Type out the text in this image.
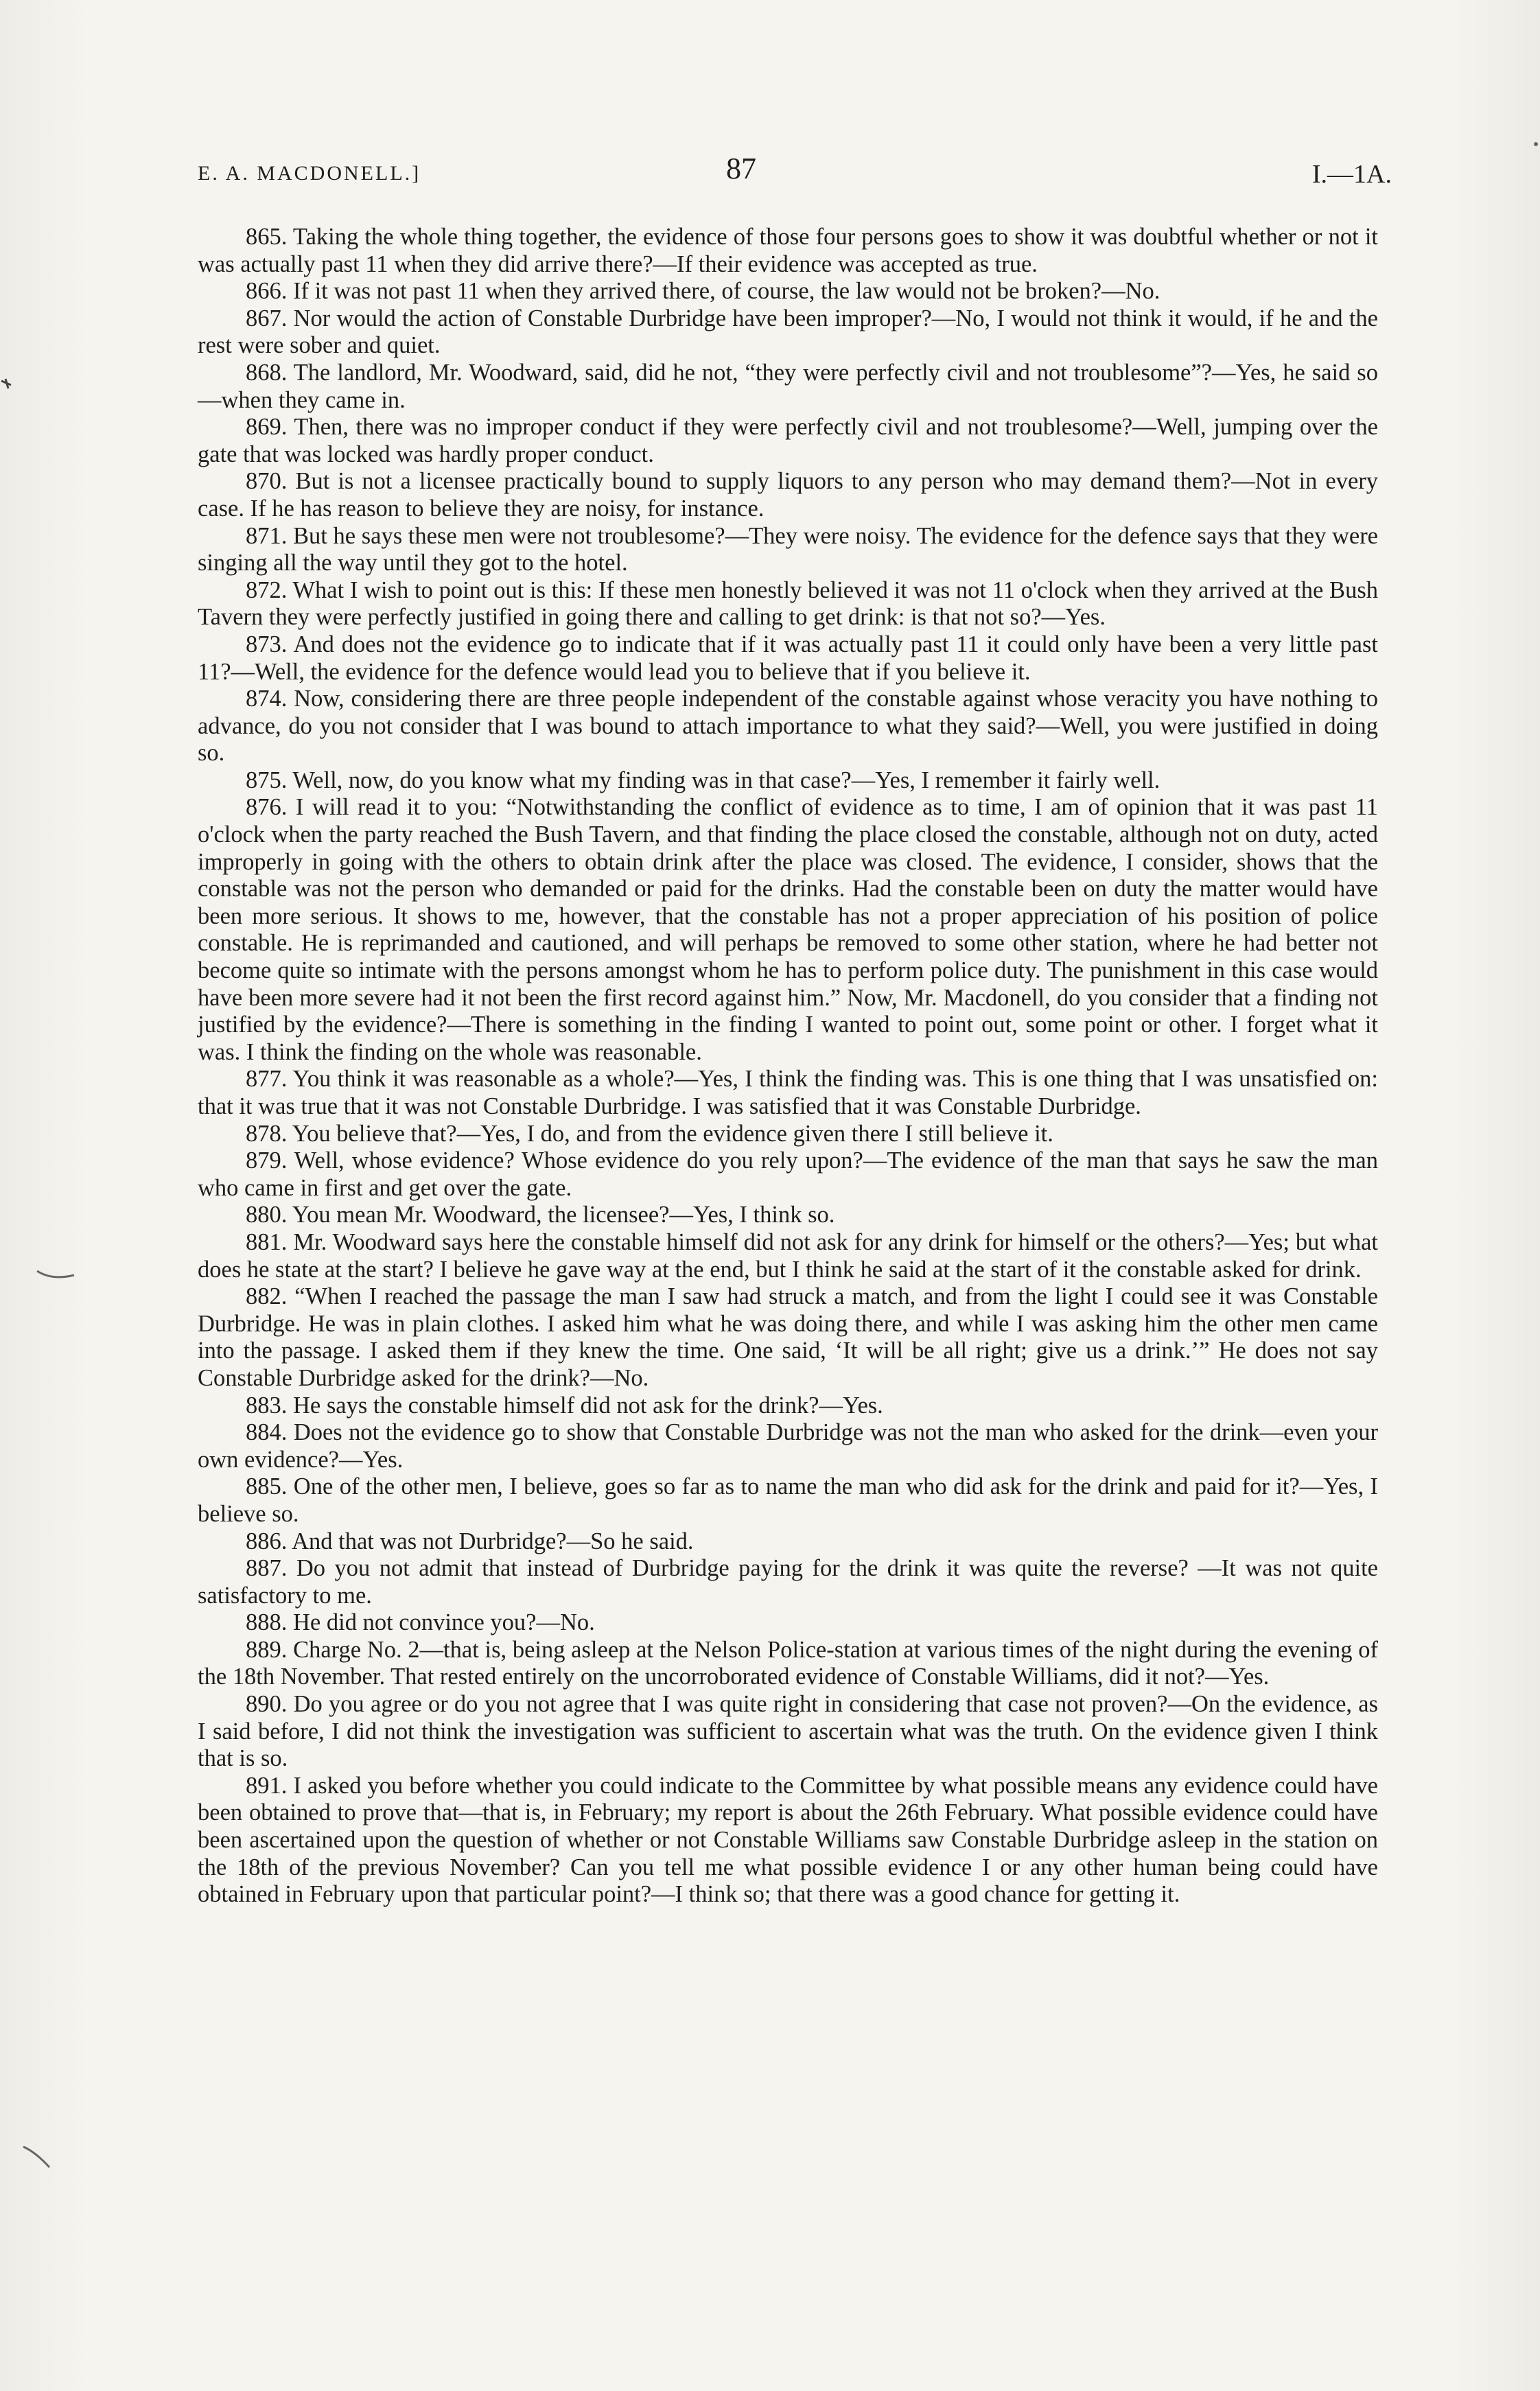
E. A. MACDONELL.]	87	I.—1A.

865. Taking the whole thing together, the evidence of those four persons goes to show it was doubtful whether or not it was actually past 11 when they did arrive there?—If their evidence was accepted as true.

866. If it was not past 11 when they arrived there, of course, the law would not be broken?—No.

867. Nor would the action of Constable Durbridge have been improper?—No, I would not think it would, if he and the rest were sober and quiet.

868. The landlord, Mr. Woodward, said, did he not, “they were perfectly civil and not troublesome”?—Yes, he said so—when they came in.

869. Then, there was no improper conduct if they were perfectly civil and not troublesome?—Well, jumping over the gate that was locked was hardly proper conduct.

870. But is not a licensee practically bound to supply liquors to any person who may demand them?—Not in every case. If he has reason to believe they are noisy, for instance.

871. But he says these men were not troublesome?—They were noisy. The evidence for the defence says that they were singing all the way until they got to the hotel.

872. What I wish to point out is this: If these men honestly believed it was not 11 o'clock when they arrived at the Bush Tavern they were perfectly justified in going there and calling to get drink: is that not so?—Yes.

873. And does not the evidence go to indicate that if it was actually past 11 it could only have been a very little past 11?—Well, the evidence for the defence would lead you to believe that if you believe it.

874. Now, considering there are three people independent of the constable against whose veracity you have nothing to advance, do you not consider that I was bound to attach importance to what they said?—Well, you were justified in doing so.

875. Well, now, do you know what my finding was in that case?—Yes, I remember it fairly well.

876. I will read it to you: “Notwithstanding the conflict of evidence as to time, I am of opinion that it was past 11 o'clock when the party reached the Bush Tavern, and that finding the place closed the constable, although not on duty, acted improperly in going with the others to obtain drink after the place was closed. The evidence, I consider, shows that the constable was not the person who demanded or paid for the drinks. Had the constable been on duty the matter would have been more serious. It shows to me, however, that the constable has not a proper appreciation of his position of police constable. He is reprimanded and cautioned, and will perhaps be removed to some other station, where he had better not become quite so intimate with the persons amongst whom he has to perform police duty. The punishment in this case would have been more severe had it not been the first record against him.” Now, Mr. Macdonell, do you consider that a finding not justified by the evidence?—There is something in the finding I wanted to point out, some point or other. I forget what it was. I think the finding on the whole was reasonable.

877. You think it was reasonable as a whole?—Yes, I think the finding was. This is one thing that I was unsatisfied on: that it was true that it was not Constable Durbridge. I was satisfied that it was Constable Durbridge.

878. You believe that?—Yes, I do, and from the evidence given there I still believe it.

879. Well, whose evidence? Whose evidence do you rely upon?—The evidence of the man that says he saw the man who came in first and get over the gate.

880. You mean Mr. Woodward, the licensee?—Yes, I think so.

881. Mr. Woodward says here the constable himself did not ask for any drink for himself or the others?—Yes; but what does he state at the start? I believe he gave way at the end, but I think he said at the start of it the constable asked for drink.

882. “When I reached the passage the man I saw had struck a match, and from the light I could see it was Constable Durbridge. He was in plain clothes. I asked him what he was doing there, and while I was asking him the other men came into the passage. I asked them if they knew the time. One said, ‘It will be all right; give us a drink.’” He does not say Constable Durbridge asked for the drink?—No.

883. He says the constable himself did not ask for the drink?—Yes.

884. Does not the evidence go to show that Constable Durbridge was not the man who asked for the drink—even your own evidence?—Yes.

885. One of the other men, I believe, goes so far as to name the man who did ask for the drink and paid for it?—Yes, I believe so.

886. And that was not Durbridge?—So he said.

887. Do you not admit that instead of Durbridge paying for the drink it was quite the reverse? —It was not quite satisfactory to me.

888. He did not convince you?—No.

889. Charge No. 2—that is, being asleep at the Nelson Police-station at various times of the night during the evening of the 18th November. That rested entirely on the uncorroborated evidence of Constable Williams, did it not?—Yes.

890. Do you agree or do you not agree that I was quite right in considering that case not proven?—On the evidence, as I said before, I did not think the investigation was sufficient to ascertain what was the truth. On the evidence given I think that is so.

891. I asked you before whether you could indicate to the Committee by what possible means any evidence could have been obtained to prove that—that is, in February; my report is about the 26th February. What possible evidence could have been ascertained upon the question of whether or not Constable Williams saw Constable Durbridge asleep in the station on the 18th of the previous November? Can you tell me what possible evidence I or any other human being could have obtained in February upon that particular point?—I think so; that there was a good chance for getting it.
